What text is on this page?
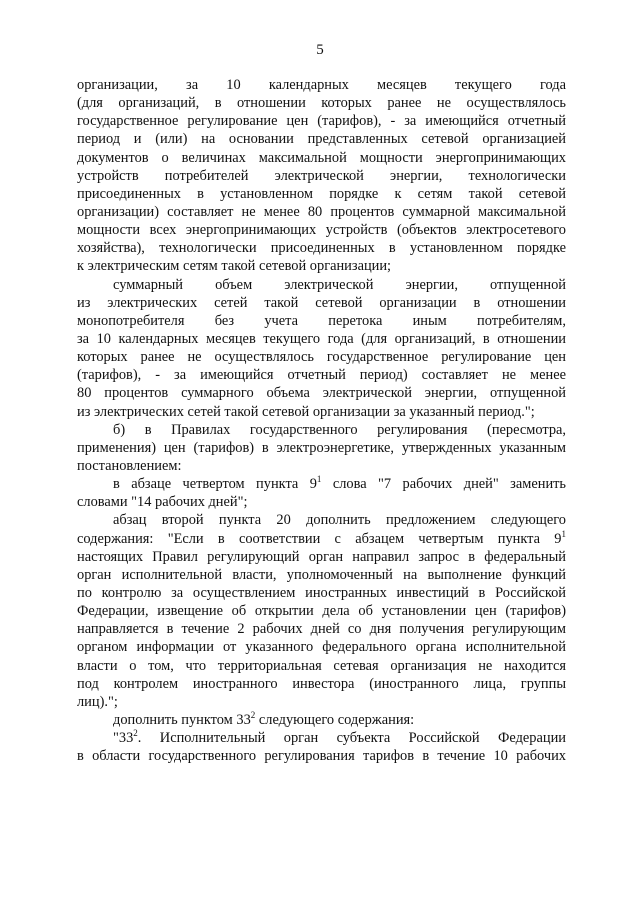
5
организации, за 10 календарных месяцев текущего года
(для организаций, в отношении которых ранее не осуществлялось
государственное регулирование цен (тарифов), - за имеющийся отчетный
период и (или) на основании представленных сетевой организацией
документов о величинах максимальной мощности энергопринимающих
устройств потребителей электрической энергии, технологически
присоединенных в установленном порядке к сетям такой сетевой
организации) составляет не менее 80 процентов суммарной максимальной
мощности всех энергопринимающих устройств (объектов электросетевого
хозяйства), технологически присоединенных в установленном порядке
к электрическим сетям такой сетевой организации;
суммарный объем электрической энергии, отпущенной
из электрических сетей такой сетевой организации в отношении
монопотребителя без учета перетока иным потребителям,
за 10 календарных месяцев текущего года (для организаций, в отношении
которых ранее не осуществлялось государственное регулирование цен
(тарифов), - за имеющийся отчетный период) составляет не менее
80 процентов суммарного объема электрической энергии, отпущенной
из электрических сетей такой сетевой организации за указанный период.";
б) в Правилах государственного регулирования (пересмотра,
применения) цен (тарифов) в электроэнергетике, утвержденных указанным
постановлением:
в абзаце четвертом пункта $9^1$ слова "7 рабочих дней" заменить
словами "14 рабочих дней";
абзац второй пункта 20 дополнить предложением следующего
содержания: "Если в соответствии с абзацем четвертым пункта $9^1$
настоящих Правил регулирующий орган направил запрос в федеральный
орган исполнительной власти, уполномоченный на выполнение функций
по контролю за осуществлением иностранных инвестиций в Российской
Федерации, извещение об открытии дела об установлении цен (тарифов)
направляется в течение 2 рабочих дней со дня получения регулирующим
органом информации от указанного федерального органа исполнительной
власти о том, что территориальная сетевая организация не находится
под контролем иностранного инвестора (иностранного лица, группы
лиц).";
дополнить пунктом $33^2$ следующего содержания:
"$33^2$. Исполнительный орган субъекта Российской Федерации
в области государственного регулирования тарифов в течение 10 рабочих
